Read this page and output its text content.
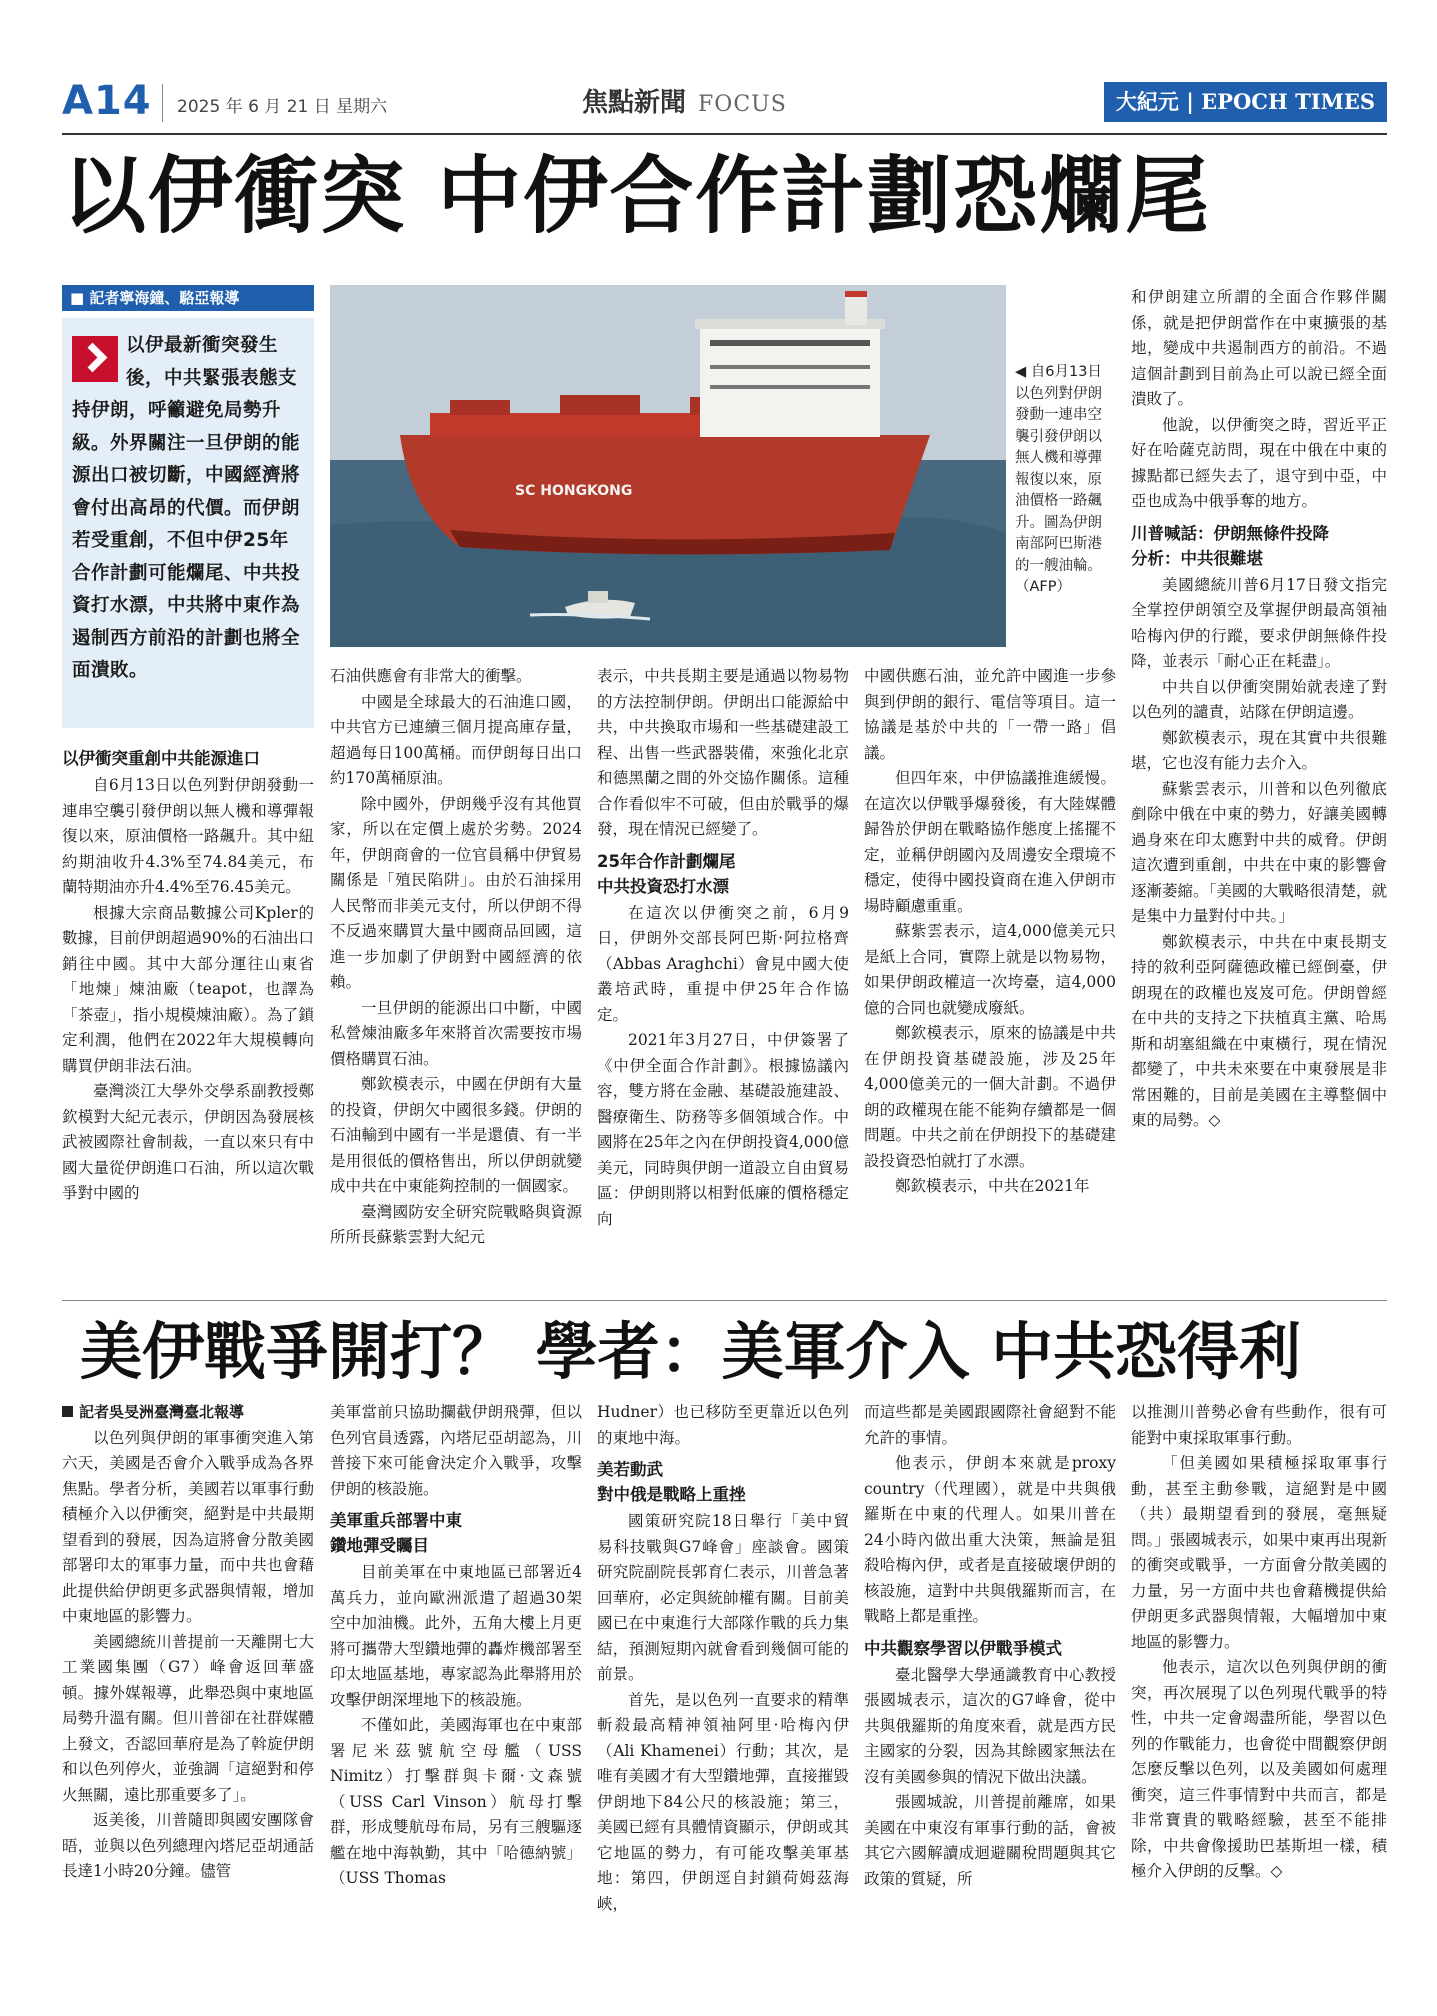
A14 2025 年 6 月 21 日 星期六	焦點新聞 FOCUS	大紀元 | EPOCH TIMES
以伊衝突 中伊合作計劃恐爛尾
■ 記者寧海鐘、駱亞報導
以伊最新衝突發生後，中共緊張表態支持伊朗，呼籲避免局勢升級。外界關注一旦伊朗的能源出口被切斷，中國經濟將會付出高昂的代價。而伊朗若受重創，不但中伊25年合作計劃可能爛尾、中共投資打水漂，中共將中東作為遏制西方前沿的計劃也將全面潰敗。
SC HONGKONG
◀ 自6月13日以色列對伊朗發動一連串空襲引發伊朗以無人機和導彈報復以來，原油價格一路飆升。圖為伊朗南部阿巴斯港的一艘油輪。（AFP）
以伊衝突重創中共能源進口

自6月13日以色列對伊朗發動一連串空襲引發伊朗以無人機和導彈報復以來，原油價格一路飆升。其中紐約期油收升4.3%至74.84美元，布蘭特期油亦升4.4%至76.45美元。

根據大宗商品數據公司Kpler的數據，目前伊朗超過90%的石油出口銷往中國。其中大部分運往山東省「地煉」煉油廠（teapot，也譯為「茶壺」，指小規模煉油廠）。為了鎖定利潤，他們在2022年大規模轉向購買伊朗非法石油。

臺灣淡江大學外交學系副教授鄭欽模對大紀元表示，伊朗因為發展核武被國際社會制裁，一直以來只有中國大量從伊朗進口石油，所以這次戰爭對中國的

石油供應會有非常大的衝擊。

中國是全球最大的石油進口國，中共官方已連續三個月提高庫存量，超過每日100萬桶。而伊朗每日出口約170萬桶原油。

除中國外，伊朗幾乎沒有其他買家，所以在定價上處於劣勢。2024年，伊朗商會的一位官員稱中伊貿易關係是「殖民陷阱」。由於石油採用人民幣而非美元支付，所以伊朗不得不反過來購買大量中國商品回國，這進一步加劇了伊朗對中國經濟的依賴。

一旦伊朗的能源出口中斷，中國私營煉油廠多年來將首次需要按市場價格購買石油。

鄭欽模表示，中國在伊朗有大量的投資，伊朗欠中國很多錢。伊朗的石油輸到中國有一半是還債、有一半是用很低的價格售出，所以伊朗就變成中共在中東能夠控制的一個國家。

臺灣國防安全研究院戰略與資源所所長蘇紫雲對大紀元

表示，中共長期主要是通過以物易物的方法控制伊朗。伊朗出口能源給中共，中共換取市場和一些基礎建設工程、出售一些武器裝備，來強化北京和德黑蘭之間的外交協作關係。這種合作看似牢不可破，但由於戰爭的爆發，現在情況已經變了。

25年合作計劃爛尾
中共投資恐打水漂

在這次以伊衝突之前，6月9日，伊朗外交部長阿巴斯·阿拉格齊（Abbas Araghchi）會見中國大使叢培武時，重提中伊25年合作協定。

2021年3月27日，中伊簽署了《中伊全面合作計劃》。根據協議內容，雙方將在金融、基礎設施建設、醫療衛生、防務等多個領域合作。中國將在25年之內在伊朗投資4,000億美元，同時與伊朗一道設立自由貿易區：伊朗則將以相對低廉的價格穩定向

中國供應石油，並允許中國進一步參與到伊朗的銀行、電信等項目。這一協議是基於中共的「一帶一路」倡議。

但四年來，中伊協議推進緩慢。在這次以伊戰爭爆發後，有大陸媒體歸咎於伊朗在戰略協作態度上搖擺不定，並稱伊朗國內及周邊安全環境不穩定，使得中國投資商在進入伊朗市場時顧慮重重。

蘇紫雲表示，這4,000億美元只是紙上合同，實際上就是以物易物，如果伊朗政權這一次垮臺，這4,000億的合同也就變成廢紙。

鄭欽模表示，原來的協議是中共在伊朗投資基礎設施，涉及25年4,000億美元的一個大計劃。不過伊朗的政權現在能不能夠存續都是一個問題。中共之前在伊朗投下的基礎建設投資恐怕就打了水漂。

鄭欽模表示，中共在2021年

和伊朗建立所謂的全面合作夥伴關係，就是把伊朗當作在中東擴張的基地，變成中共遏制西方的前沿。不過這個計劃到目前為止可以說已經全面潰敗了。

他說，以伊衝突之時，習近平正好在哈薩克訪問，現在中俄在中東的據點都已經失去了，退守到中亞，中亞也成為中俄爭奪的地方。

川普喊話：伊朗無條件投降
分析：中共很難堪

美國總統川普6月17日發文指完全掌控伊朗領空及掌握伊朗最高領袖哈梅內伊的行蹤，要求伊朗無條件投降，並表示「耐心正在耗盡」。

中共自以伊衝突開始就表達了對以色列的譴責，站隊在伊朗這邊。

鄭欽模表示，現在其實中共很難堪，它也沒有能力去介入。

蘇紫雲表示，川普和以色列徹底剷除中俄在中東的勢力，好讓美國轉過身來在印太應對中共的威脅。伊朗這次遭到重創，中共在中東的影響會逐漸萎縮。「美國的大戰略很清楚，就是集中力量對付中共。」

鄭欽模表示，中共在中東長期支持的敘利亞阿薩德政權已經倒臺，伊朗現在的政權也岌岌可危。伊朗曾經在中共的支持之下扶植真主黨、哈馬斯和胡塞組織在中東橫行，現在情況都變了，中共未來要在中東發展是非常困難的，目前是美國在主導整個中東的局勢。◇

美伊戰爭開打？ 學者：美軍介入 中共恐得利
記者吳旻洲臺灣臺北報導

以色列與伊朗的軍事衝突進入第六天，美國是否會介入戰爭成為各界焦點。學者分析，美國若以軍事行動積極介入以伊衝突，絕對是中共最期望看到的發展，因為這將會分散美國部署印太的軍事力量，而中共也會藉此提供給伊朗更多武器與情報，增加中東地區的影響力。

美國總統川普提前一天離開七大工業國集團（G7）峰會返回華盛頓。據外媒報導，此舉恐與中東地區局勢升溫有關。但川普卻在社群媒體上發文，否認回華府是為了斡旋伊朗和以色列停火，並強調「這絕對和停火無關，遠比那重要多了」。

返美後，川普隨即與國安團隊會晤，並與以色列總理內塔尼亞胡通話長達1小時20分鐘。儘管

美軍當前只協助攔截伊朗飛彈，但以色列官員透露，內塔尼亞胡認為，川普接下來可能會決定介入戰爭，攻擊伊朗的核設施。

美軍重兵部署中東
鑽地彈受矚目

目前美軍在中東地區已部署近4萬兵力，並向歐洲派遣了超過30架空中加油機。此外，五角大樓上月更將可攜帶大型鑽地彈的轟炸機部署至印太地區基地，專家認為此舉將用於攻擊伊朗深埋地下的核設施。

不僅如此，美國海軍也在中東部署尼米茲號航空母艦（USS Nimitz）打擊群與卡爾·文森號（USS Carl Vinson）航母打擊群，形成雙航母布局，另有三艘驅逐艦在地中海執勤，其中「哈德納號」（USS Thomas

Hudner）也已移防至更靠近以色列的東地中海。

美若動武
對中俄是戰略上重挫

國策研究院18日舉行「美中貿易科技戰與G7峰會」座談會。國策研究院副院長郭育仁表示，川普急著回華府，必定與統帥權有關。目前美國已在中東進行大部隊作戰的兵力集結，預測短期內就會看到幾個可能的前景。

首先，是以色列一直要求的精準斬殺最高精神領袖阿里·哈梅內伊（Ali Khamenei）行動；其次，是唯有美國才有大型鑽地彈，直接摧毀伊朗地下84公尺的核設施；第三，美國已經有具體情資顯示，伊朗或其它地區的勢力，有可能攻擊美軍基地：第四，伊朗逕自封鎖荷姆茲海峽，

而這些都是美國跟國際社會絕對不能允許的事情。

他表示，伊朗本來就是proxy country（代理國），就是中共與俄羅斯在中東的代理人。如果川普在24小時內做出重大決策，無論是狙殺哈梅內伊，或者是直接破壞伊朗的核設施，這對中共與俄羅斯而言，在戰略上都是重挫。

中共觀察學習以伊戰爭模式

臺北醫學大學通識教育中心教授張國城表示，這次的G7峰會，從中共與俄羅斯的角度來看，就是西方民主國家的分裂，因為其餘國家無法在沒有美國參與的情況下做出決議。

張國城說，川普提前離席，如果美國在中東沒有軍事行動的話，會被其它六國解讀成迴避關稅問題與其它政策的質疑，所

以推測川普勢必會有些動作，很有可能對中東採取軍事行動。

「但美國如果積極採取軍事行動，甚至主動參戰，這絕對是中國（共）最期望看到的發展，毫無疑問。」張國城表示，如果中東再出現新的衝突或戰爭，一方面會分散美國的力量，另一方面中共也會藉機提供給伊朗更多武器與情報，大幅增加中東地區的影響力。

他表示，這次以色列與伊朗的衝突，再次展現了以色列現代戰爭的特性，中共一定會竭盡所能，學習以色列的作戰能力，也會從中間觀察伊朗怎麼反擊以色列，以及美國如何處理衝突，這三件事情對中共而言，都是非常寶貴的戰略經驗，甚至不能排除，中共會像援助巴基斯坦一樣，積極介入伊朗的反擊。◇
